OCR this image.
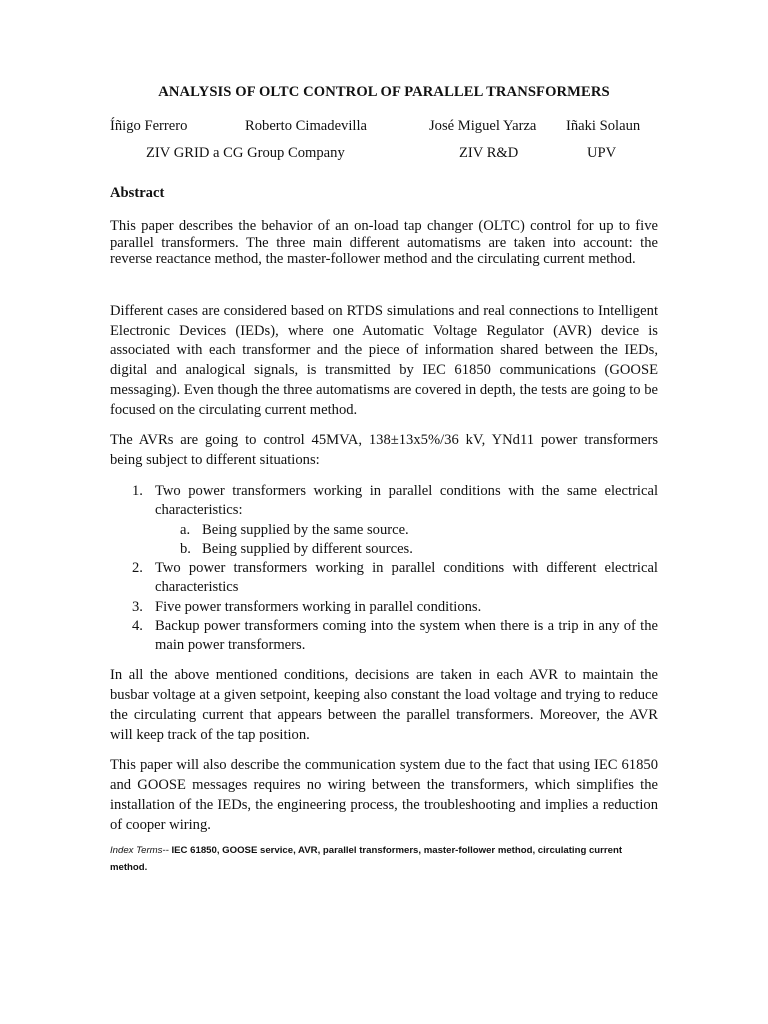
ANALYSIS OF OLTC CONTROL OF PARALLEL TRANSFORMERS
Íñigo Ferrero	Roberto Cimadevilla	José Miguel Yarza Iñaki Solaun
ZIV GRID a CG Group Company	ZIV R&D	UPV
Abstract

This paper describes the behavior of an on-load tap changer (OLTC) control for up to five parallel transformers. The three main different automatisms are taken into account: the reverse reactance method, the master-follower method and the circulating current method.

Different cases are considered based on RTDS simulations and real connections to Intelligent Electronic Devices (IEDs), where one Automatic Voltage Regulator (AVR) device is associated with each transformer and the piece of information shared between the IEDs, digital and analogical signals, is transmitted by IEC 61850 communications (GOOSE messaging). Even though the three automatisms are covered in depth, the tests are going to be focused on the circulating current method.

The AVRs are going to control 45MVA, 138±13x5%/36 kV, YNd11 power transformers being subject to different situations:

1. Two power transformers working in parallel conditions with the same electrical characteristics:
a. Being supplied by the same source.
b. Being supplied by different sources.
2. Two power transformers working in parallel conditions with different electrical characteristics
3. Five power transformers working in parallel conditions.
4. Backup power transformers coming into the system when there is a trip in any of the main power transformers.

In all the above mentioned conditions, decisions are taken in each AVR to maintain the busbar voltage at a given setpoint, keeping also constant the load voltage and trying to reduce the circulating current that appears between the parallel transformers. Moreover, the AVR will keep track of the tap position.

This paper will also describe the communication system due to the fact that using IEC 61850 and GOOSE messages requires no wiring between the transformers, which simplifies the installation of the IEDs, the engineering process, the troubleshooting and implies a reduction of cooper wiring.

Index Terms-- IEC 61850, GOOSE service, AVR, parallel transformers, master-follower method, circulating current method.
